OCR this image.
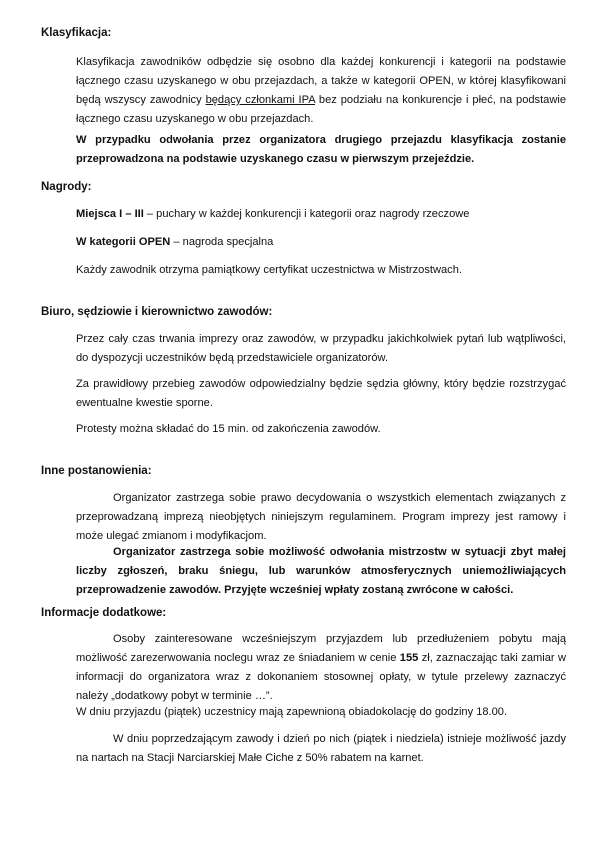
Klasyfikacja:

Klasyfikacja zawodników odbędzie się osobno dla każdej konkurencji i kategorii na podstawie łącznego czasu uzyskanego w obu przejazdach, a także w kategorii OPEN, w której klasyfikowani będą wszyscy zawodnicy będący członkami IPA bez podziału na konkurencje i płeć, na podstawie łącznego czasu uzyskanego w obu przejazdach.

W przypadku odwołania przez organizatora drugiego przejazdu klasyfikacja zostanie przeprowadzona na podstawie uzyskanego czasu w pierwszym przejeździe.

Nagrody:

Miejsca I – III – puchary w każdej konkurencji i kategorii oraz nagrody rzeczowe

W kategorii OPEN – nagroda specjalna

Każdy zawodnik otrzyma pamiątkowy certyfikat uczestnictwa w Mistrzostwach.

Biuro, sędziowie i kierownictwo zawodów:

Przez cały czas trwania imprezy oraz zawodów, w przypadku jakichkolwiek pytań lub wątpliwości, do dyspozycji uczestników będą przedstawiciele organizatorów.

Za prawidłowy przebieg zawodów odpowiedzialny będzie sędzia główny, który będzie rozstrzygać ewentualne kwestie sporne.

Protesty można składać do 15 min. od zakończenia zawodów.

Inne postanowienia:

Organizator zastrzega sobie prawo decydowania o wszystkich elementach związanych z przeprowadzaną imprezą nieobjętych niniejszym regulaminem. Program imprezy jest ramowy i może ulegać zmianom i modyfikacjom.

Organizator zastrzega sobie możliwość odwołania mistrzostw w sytuacji zbyt małej liczby zgłoszeń, braku śniegu, lub warunków atmosferycznych uniemożliwiających przeprowadzenie zawodów. Przyjęte wcześniej wpłaty zostaną zwrócone w całości.

Informacje dodatkowe:

Osoby zainteresowane wcześniejszym przyjazdem lub przedłużeniem pobytu mają możliwość zarezerwowania noclegu wraz ze śniadaniem w cenie 155 zł, zaznaczając taki zamiar w informacji do organizatora wraz z dokonaniem stosownej opłaty, w tytule przelewy zaznaczyć należy „dodatkowy pobyt w terminie …”.

W dniu przyjazdu (piątek) uczestnicy mają zapewnioną obiadokolację do godziny 18.00.

W dniu poprzedzającym zawody i dzień po nich (piątek i niedziela) istnieje możliwość jazdy na nartach na Stacji Narciarskiej Małe Ciche z 50% rabatem na karnet.
